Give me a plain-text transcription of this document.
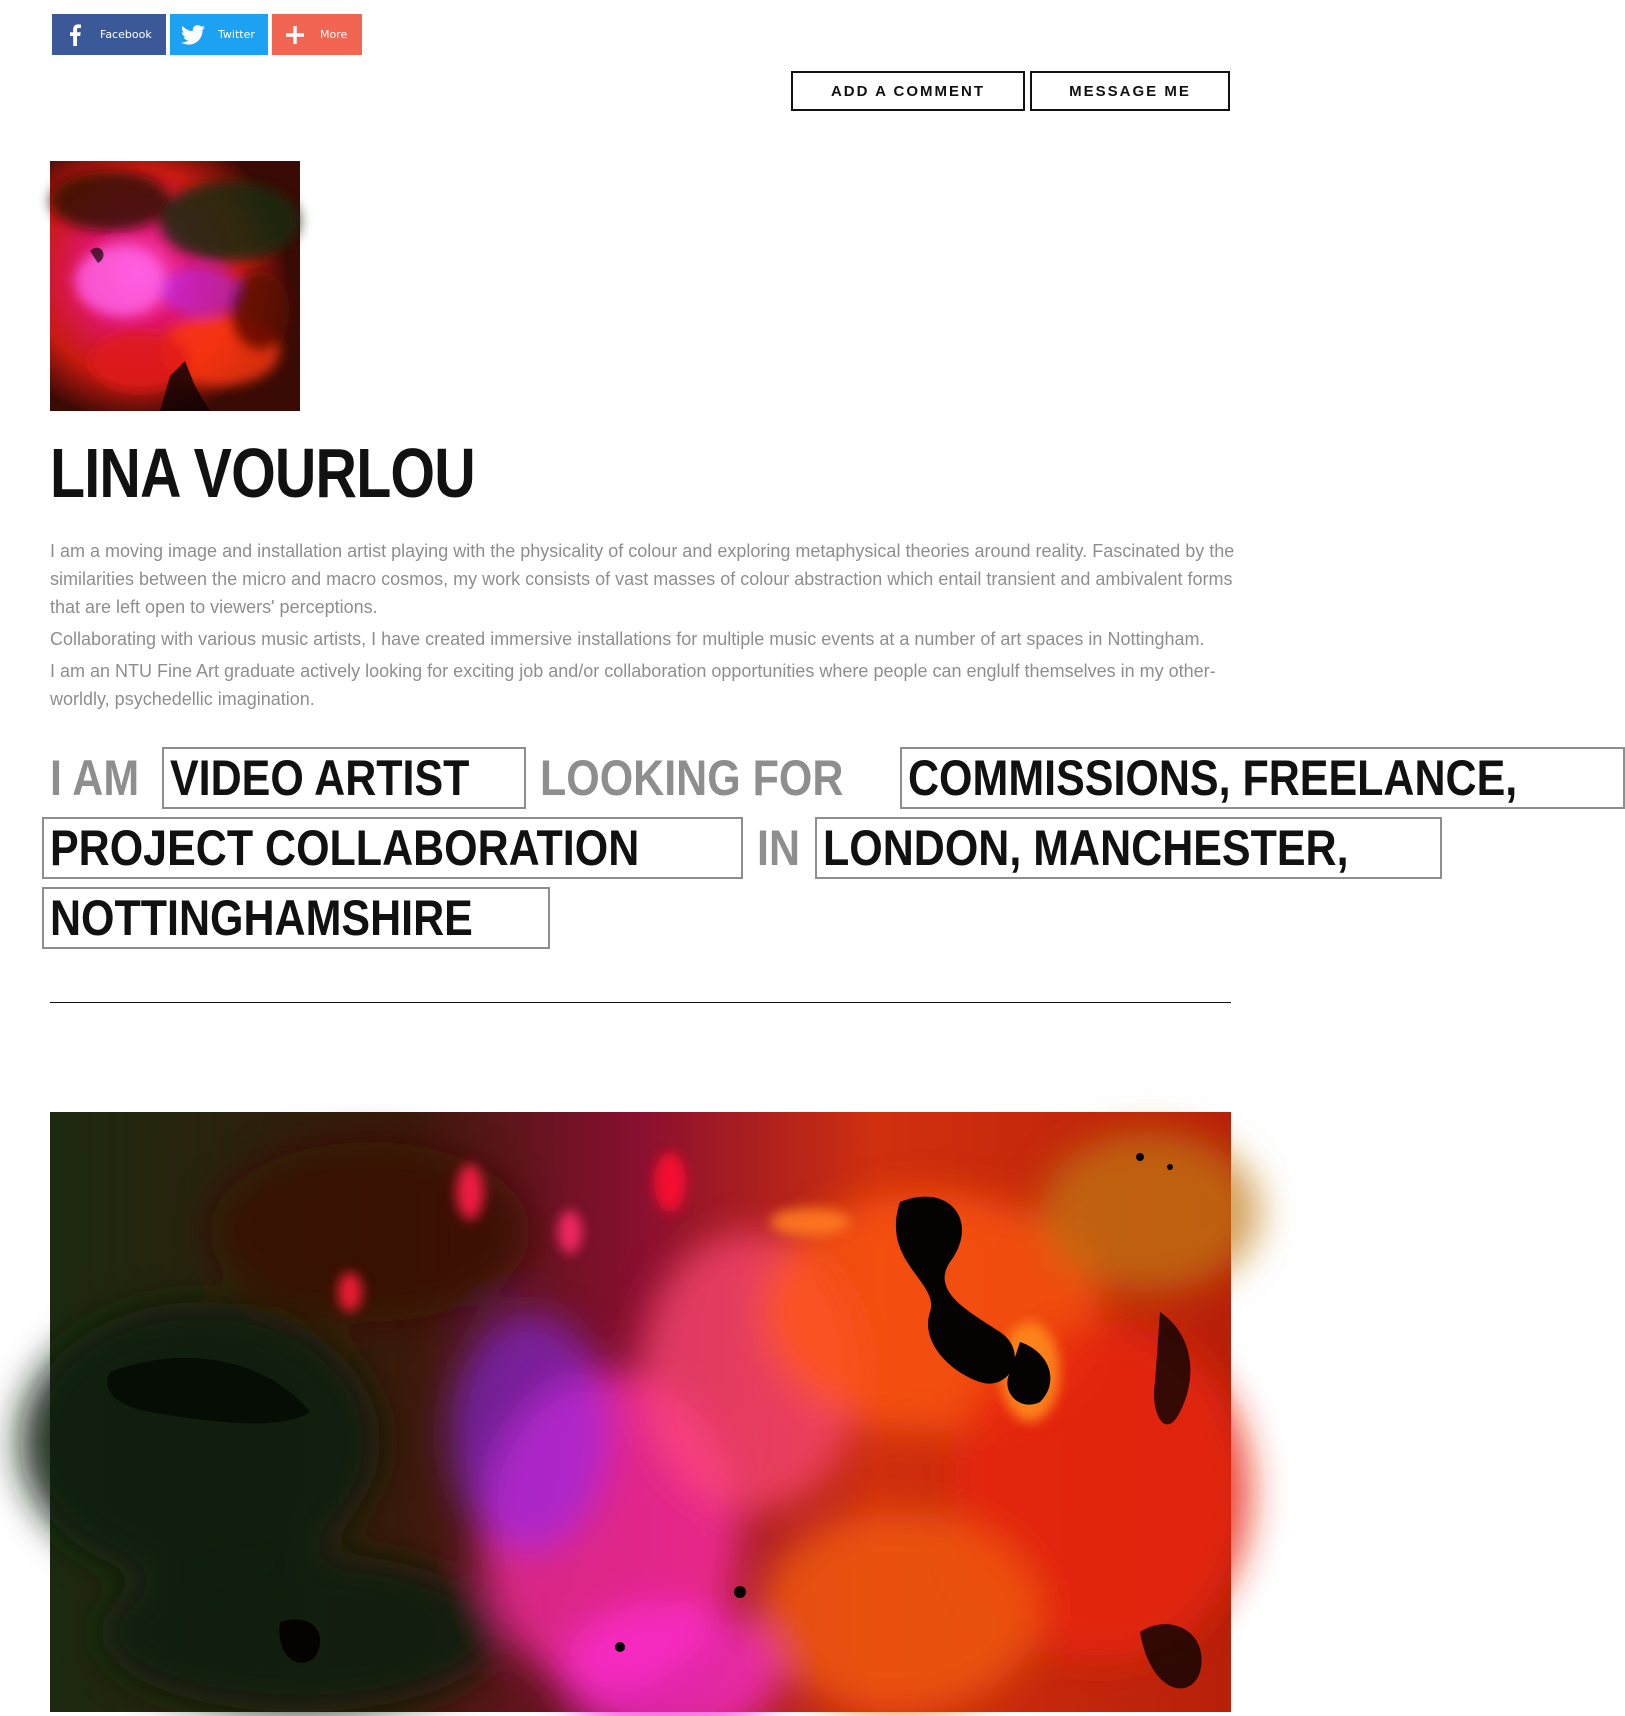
Facebook	Twitter	More
ADD A COMMENT	MESSAGE ME
LINA VOURLOU

I am a moving image and installation artist playing with the physicality of colour and exploring metaphysical theories around reality. Fascinated by the similarities between the micro and macro cosmos, my work consists of vast masses of colour abstraction which entail transient and ambivalent forms that are left open to viewers' perceptions.

Collaborating with various music artists, I have created immersive installations for multiple music events at a number of art spaces in Nottingham.

I am an NTU Fine Art graduate actively looking for exciting job and/or collaboration opportunities where people can englulf themselves in my other-worldly, psychedellic imagination.

I AM VIDEO ARTIST LOOKING FOR COMMISSIONS, FREELANCE,
PROJECT COLLABORATION IN LONDON, MANCHESTER,
NOTTINGHAMSHIRE
